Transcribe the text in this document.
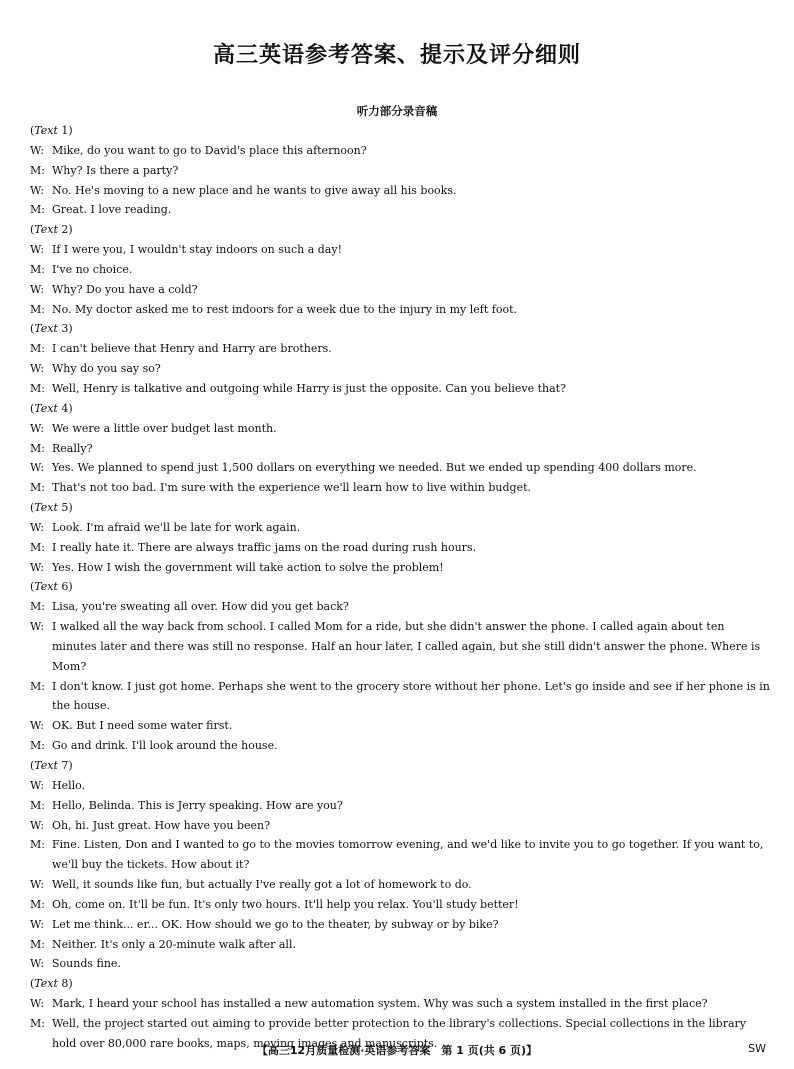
高三英语参考答案、提示及评分细则
听力部分录音稿
(Text 1)
W: Mike, do you want to go to David's place this afternoon?
M: Why? Is there a party?
W: No. He's moving to a new place and he wants to give away all his books.
M: Great. I love reading.
(Text 2)
W: If I were you, I wouldn't stay indoors on such a day!
M: I've no choice.
W: Why? Do you have a cold?
M: No. My doctor asked me to rest indoors for a week due to the injury in my left foot.
(Text 3)
M: I can't believe that Henry and Harry are brothers.
W: Why do you say so?
M: Well, Henry is talkative and outgoing while Harry is just the opposite. Can you believe that?
(Text 4)
W: We were a little over budget last month.
M: Really?
W: Yes. We planned to spend just 1,500 dollars on everything we needed. But we ended up spending 400 dollars more.
M: That's not too bad. I'm sure with the experience we'll learn how to live within budget.
(Text 5)
W: Look. I'm afraid we'll be late for work again.
M: I really hate it. There are always traffic jams on the road during rush hours.
W: Yes. How I wish the government will take action to solve the problem!
(Text 6)
M: Lisa, you're sweating all over. How did you get back?
W: I walked all the way back from school. I called Mom for a ride, but she didn't answer the phone. I called again about ten minutes later and there was still no response. Half an hour later, I called again, but she still didn't answer the phone. Where is Mom?
M: I don't know. I just got home. Perhaps she went to the grocery store without her phone. Let's go inside and see if her phone is in the house.
W: OK. But I need some water first.
M: Go and drink. I'll look around the house.
(Text 7)
W: Hello.
M: Hello, Belinda. This is Jerry speaking. How are you?
W: Oh, hi. Just great. How have you been?
M: Fine. Listen, Don and I wanted to go to the movies tomorrow evening, and we'd like to invite you to go together. If you want to, we'll buy the tickets. How about it?
W: Well, it sounds like fun, but actually I've really got a lot of homework to do.
M: Oh, come on. It'll be fun. It's only two hours. It'll help you relax. You'll study better!
W: Let me think... er... OK. How should we go to the theater, by subway or by bike?
M: Neither. It's only a 20-minute walk after all.
W: Sounds fine.
(Text 8)
W: Mark, I heard your school has installed a new automation system. Why was such a system installed in the first place?
M: Well, the project started out aiming to provide better protection to the library's collections. Special collections in the library hold over 80,000 rare books, maps, moving images and manuscripts.
【高三12月质量检测·英语参考答案　第 1 页(共 6 页)】	SW
